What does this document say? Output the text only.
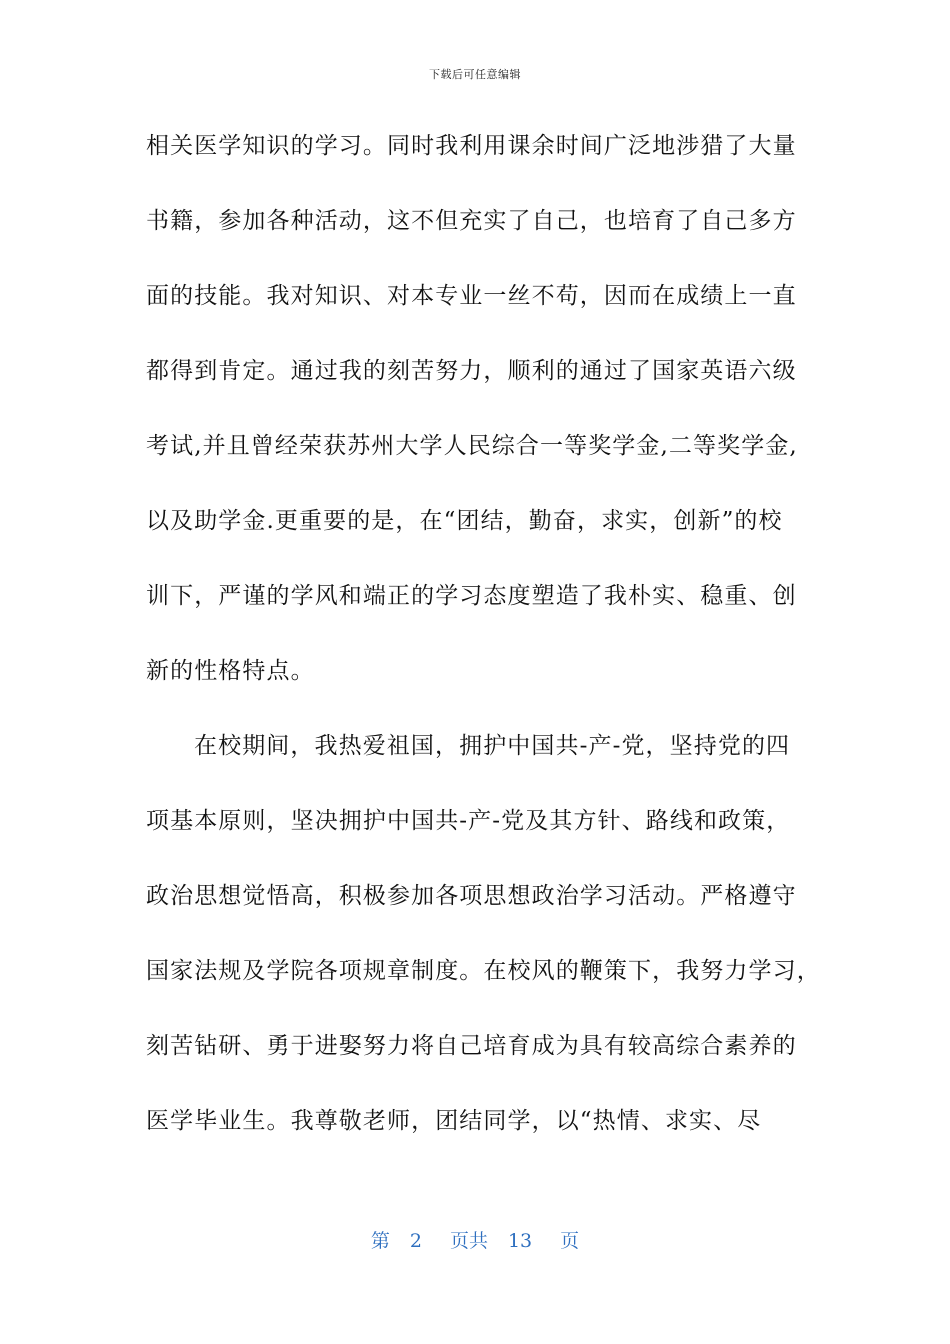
下载后可任意编辑
相关医学知识的学习。同时我利用课余时间广泛地涉猎了大量
书籍，参加各种活动，这不但充实了自己，也培育了自己多方
面的技能。我对知识、对本专业一丝不苟，因而在成绩上一直
都得到肯定。通过我的刻苦努力，顺利的通过了国家英语六级
考试,并且曾经荣获苏州大学人民综合一等奖学金,二等奖学金,
以及助学金.更重要的是，在“团结，勤奋，求实，创新”的校
训下，严谨的学风和端正的学习态度塑造了我朴实、稳重、创
新的性格特点。
在校期间，我热爱祖国，拥护中国共-产-党，坚持党的四
项基本原则，坚决拥护中国共-产-党及其方针、路线和政策，
政治思想觉悟高，积极参加各项思想政治学习活动。严格遵守
国家法规及学院各项规章制度。在校风的鞭策下，我努力学习，
刻苦钻研、勇于进娶努力将自己培育成为具有较高综合素养的
医学毕业生。我尊敬老师，团结同学，以“热情、求实、尽
第 2 页共 13 页
